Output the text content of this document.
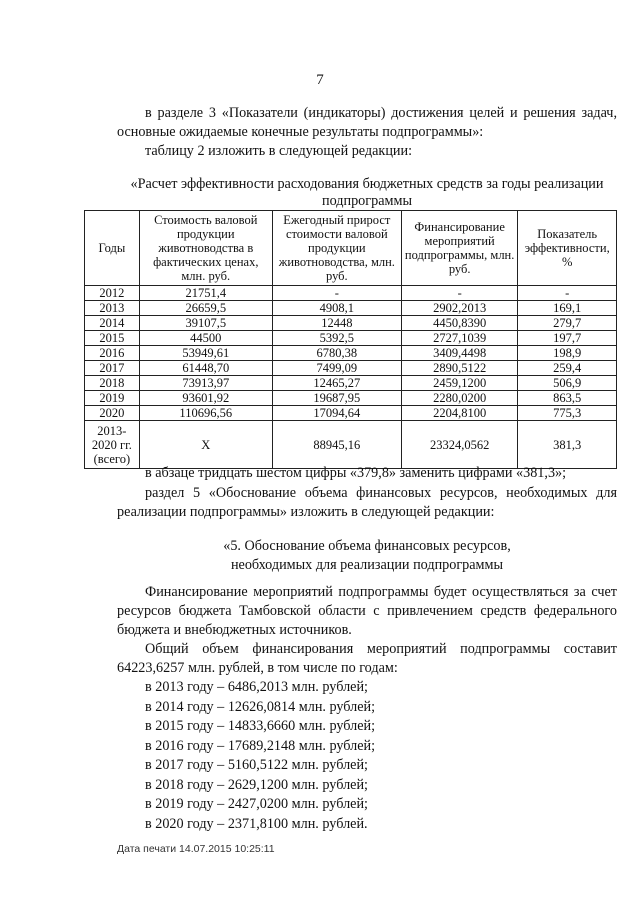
7
в разделе 3 «Показатели (индикаторы) достижения целей и решения задач, основные ожидаемые конечные результаты подпрограммы»:
таблицу 2 изложить в следующей редакции:
«Расчет эффективности расходования бюджетных средств за годы реализации подпрограммы
Годы	Стоимость валовой продукции животноводства в фактических ценах, млн. руб.	Ежегодный прирост стоимости валовой продукции животноводства, млн. руб.	Финансирование мероприятий подпрограммы, млн. руб.	Показатель эффективности, %
2012	21751,4	-	-	-
2013	26659,5	4908,1	2902,2013	169,1
2014	39107,5	12448	4450,8390	279,7
2015	44500	5392,5	2727,1039	197,7
2016	53949,61	6780,38	3409,4498	198,9
2017	61448,70	7499,09	2890,5122	259,4
2018	73913,97	12465,27	2459,1200	506,9
2019	93601,92	19687,95	2280,0200	863,5
2020	110696,56	17094,64	2204,8100	775,3
2013-2020 гг. (всего)	Х	88945,16	23324,0562	381,3
в абзаце тридцать шестом цифры «379,8» заменить цифрами «381,3»;
раздел 5 «Обоснование объема финансовых ресурсов, необходимых для реализации подпрограммы» изложить в следующей редакции:
«5. Обоснование объема финансовых ресурсов,
необходимых для реализации подпрограммы
Финансирование мероприятий подпрограммы будет осуществляться за счет ресурсов бюджета Тамбовской области с привлечением средств федерального бюджета и внебюджетных источников.
Общий объем финансирования мероприятий подпрограммы составит 64223,6257 млн. рублей, в том числе по годам:
в 2013 году – 6486,2013 млн. рублей;
в 2014 году – 12626,0814 млн. рублей;
в 2015 году – 14833,6660 млн. рублей;
в 2016 году – 17689,2148 млн. рублей;
в 2017 году – 5160,5122 млн. рублей;
в 2018 году – 2629,1200 млн. рублей;
в 2019 году – 2427,0200 млн. рублей;
в 2020 году – 2371,8100 млн. рублей.
Дата печати 14.07.2015 10:25:11
